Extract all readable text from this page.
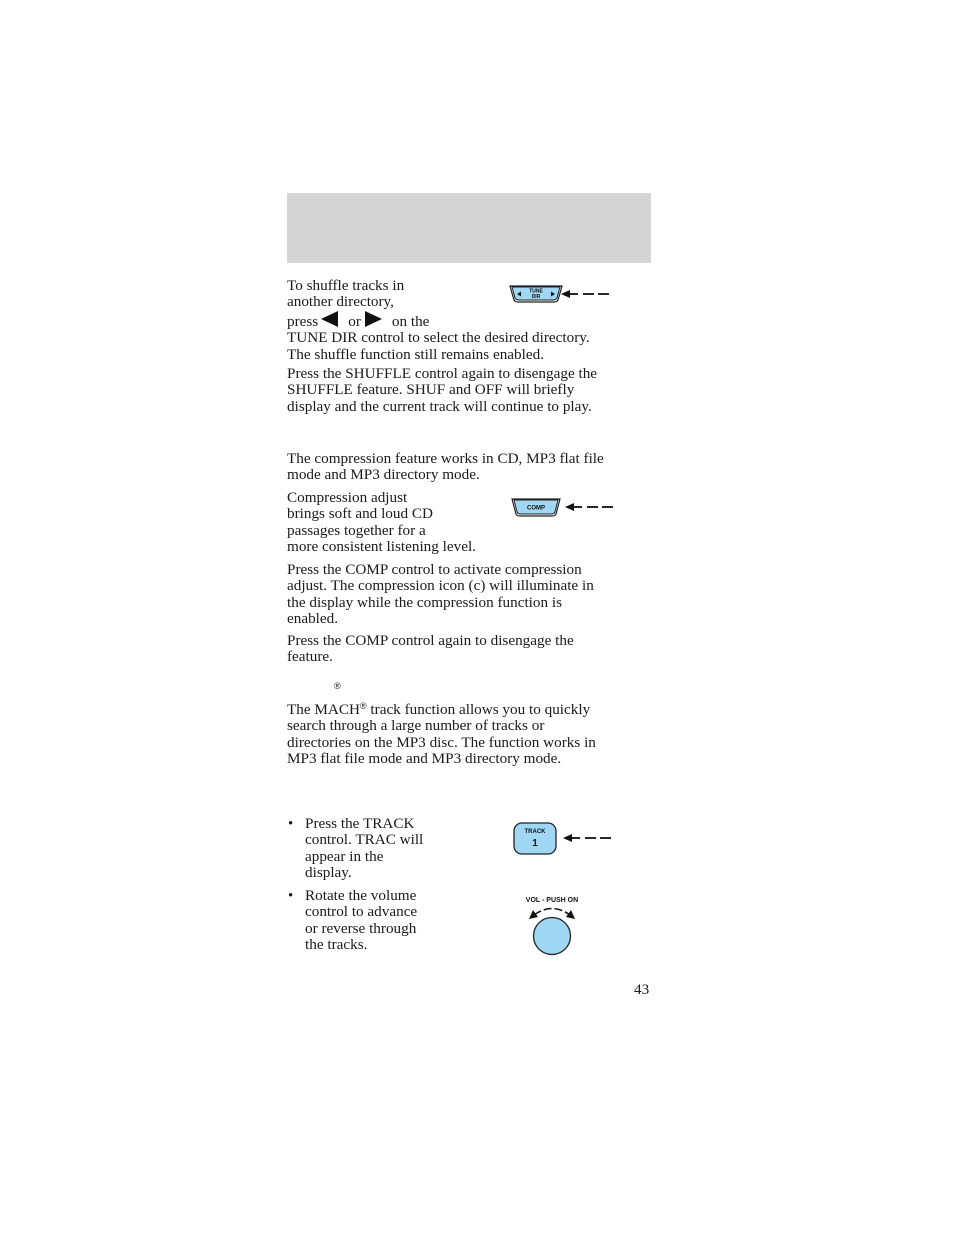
To shuffle tracks in
another directory,
press or on the
TUNE DIR control to select the desired directory.
The shuffle function still remains enabled.
TUNE
DIR
Press the SHUFFLE control again to disengage the
SHUFFLE feature. SHUF and OFF will briefly
display and the current track will continue to play.
The compression feature works in CD, MP3 flat file
mode and MP3 directory mode.
Compression adjust
brings soft and loud CD
passages together for a
more consistent listening level.
COMP
Press the COMP control to activate compression
adjust. The compression icon (c) will illuminate in
the display while the compression function is
enabled.
Press the COMP control again to disengage the
feature.
®
The MACH® track function allows you to quickly
search through a large number of tracks or
directories on the MP3 disc. The function works in
MP3 flat file mode and MP3 directory mode.
• Press the TRACK
control. TRAC will
appear in the
display.
TRACK
1
• Rotate the volume
control to advance
or reverse through
the tracks.
VOL - PUSH ON
43
